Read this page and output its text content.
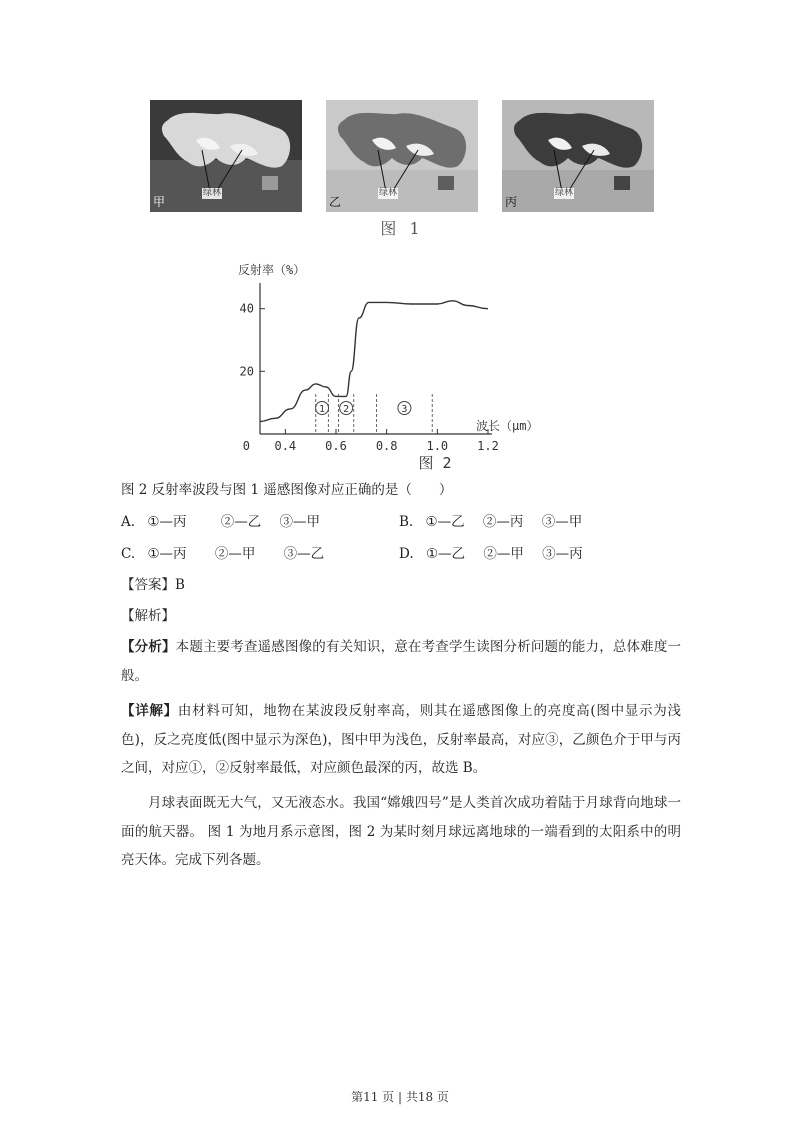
绿林
甲
绿林
乙
绿林
丙
图 1
反射率（%）
20
40
0.4 0.6 0.8 1.0 1.2
0
1 2	3
波长（μm）
图 2
图 2 反射率波段与图 1 遥感图像对应正确的是（　　）
A. ①—丙	②—乙 ③—甲	B. ①—乙 ②—丙 ③—甲
C. ①—丙 ②—甲 ③—乙	D. ①—乙 ②—甲 ③—丙
【答案】B
【解析】
【分析】本题主要考查遥感图像的有关知识，意在考查学生读图分析问题的能力，总体难度一般。
【详解】由材料可知，地物在某波段反射率高，则其在遥感图像上的亮度高(图中显示为浅色)，反之亮度低(图中显示为深色)，图中甲为浅色，反射率最高，对应③，乙颜色介于甲与丙之间，对应①，②反射率最低，对应颜色最深的丙，故选 B。
月球表面既无大气，又无液态水。我国“嫦娥四号”是人类首次成功着陆于月球背向地球一面的航天器。 图 1 为地月系示意图，图 2 为某时刻月球远离地球的一端看到的太阳系中的明亮天体。完成下列各题。
第11 页 | 共18 页
